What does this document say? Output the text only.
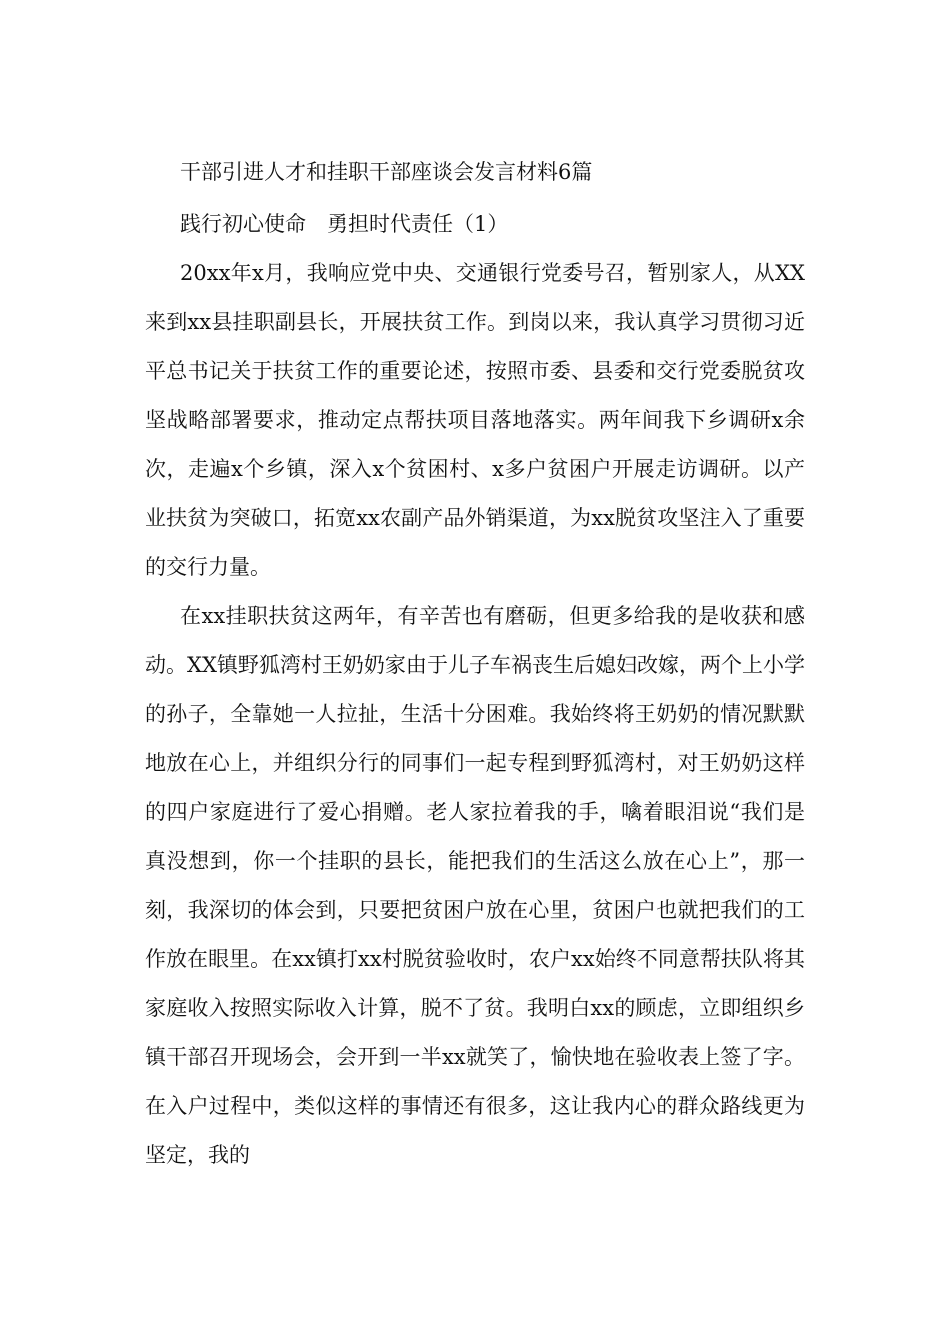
干部引进人才和挂职干部座谈会发言材料6篇

践行初心使命　勇担时代责任（1）

20xx年x月，我响应党中央、交通银行党委号召，暂别家人，从XX来到xx县挂职副县长，开展扶贫工作。到岗以来，我认真学习贯彻习近平总书记关于扶贫工作的重要论述，按照市委、县委和交行党委脱贫攻坚战略部署要求，推动定点帮扶项目落地落实。两年间我下乡调研x余次，走遍x个乡镇，深入x个贫困村、x多户贫困户开展走访调研。以产业扶贫为突破口，拓宽xx农副产品外销渠道，为xx脱贫攻坚注入了重要的交行力量。

在xx挂职扶贫这两年，有辛苦也有磨砺，但更多给我的是收获和感动。XX镇野狐湾村王奶奶家由于儿子车祸丧生后媳妇改嫁，两个上小学的孙子，全靠她一人拉扯，生活十分困难。我始终将王奶奶的情况默默地放在心上，并组织分行的同事们一起专程到野狐湾村，对王奶奶这样的四户家庭进行了爱心捐赠。老人家拉着我的手，噙着眼泪说“我们是真没想到，你一个挂职的县长，能把我们的生活这么放在心上”，那一刻，我深切的体会到，只要把贫困户放在心里，贫困户也就把我们的工作放在眼里。在xx镇打xx村脱贫验收时，农户xx始终不同意帮扶队将其家庭收入按照实际收入计算，脱不了贫。我明白xx的顾虑，立即组织乡镇干部召开现场会，会开到一半xx就笑了，愉快地在验收表上签了字。在入户过程中，类似这样的事情还有很多，这让我内心的群众路线更为坚定，我的
